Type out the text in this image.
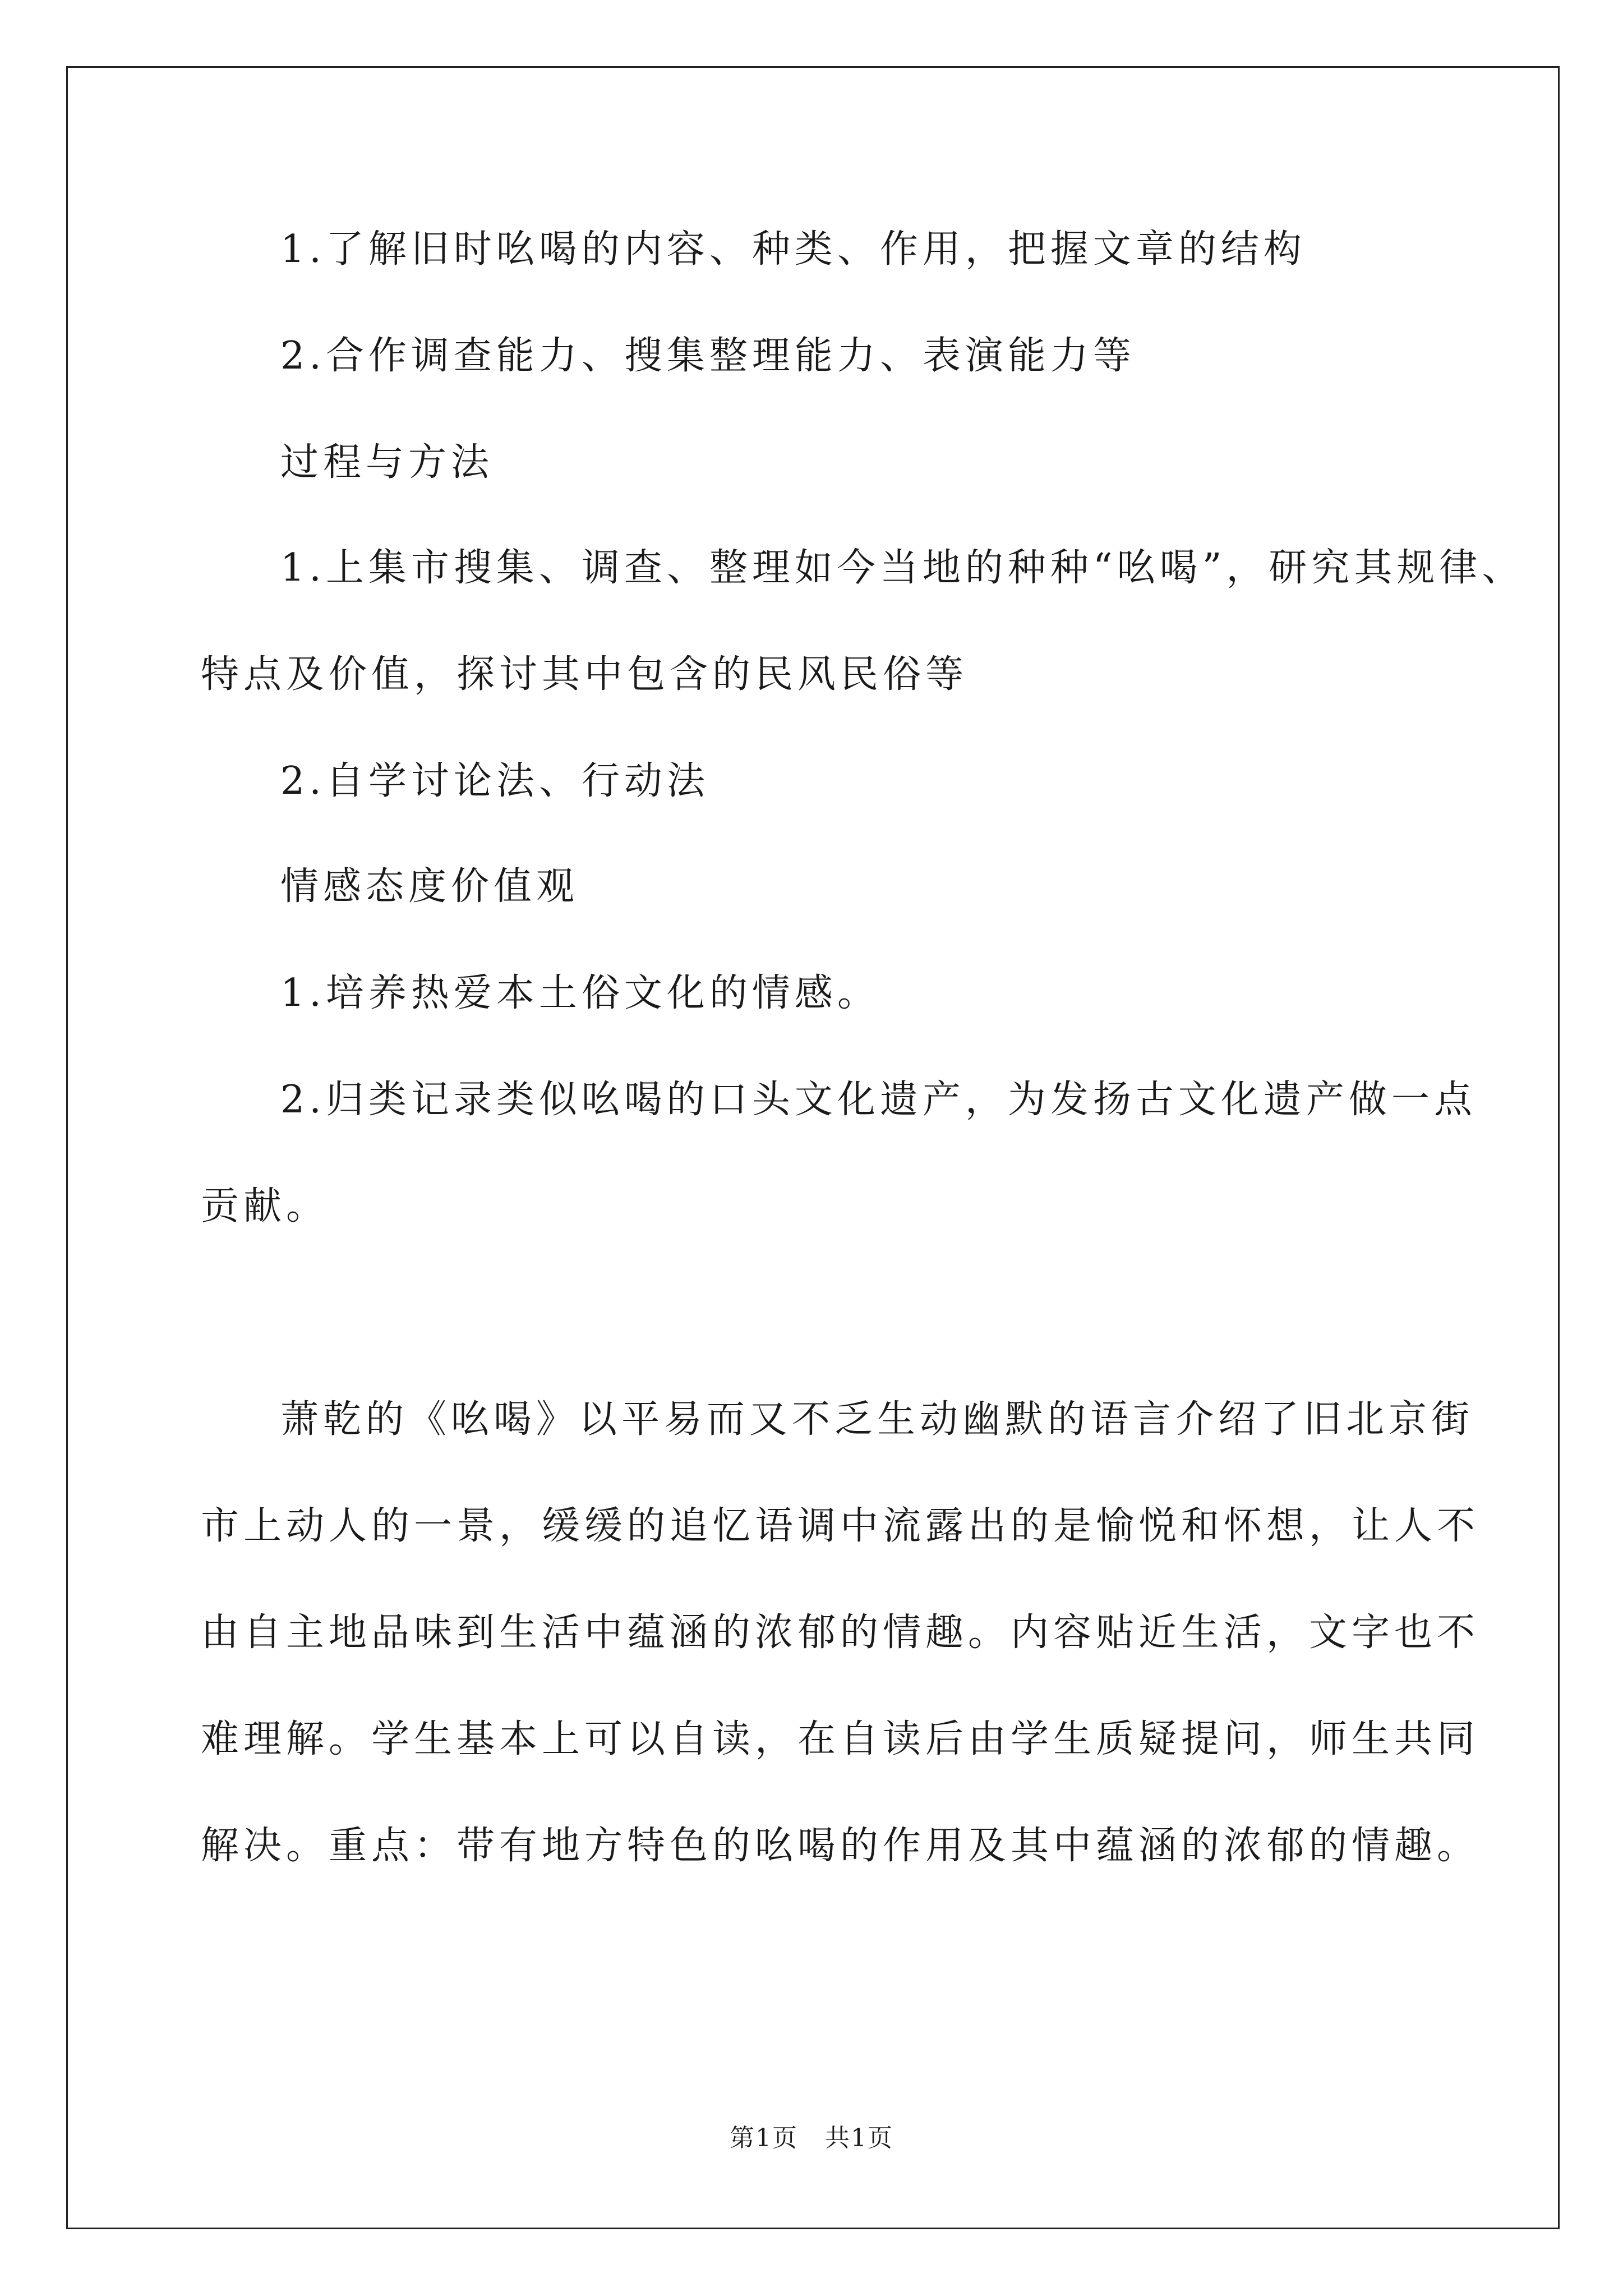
1.了解旧时吆喝的内容、种类、作用，把握文章的结构
2.合作调查能力、搜集整理能力、表演能力等
过程与方法
1.上集市搜集、调查、整理如今当地的种种“吆喝”，研究其规律、
特点及价值，探讨其中包含的民风民俗等
2.自学讨论法、行动法
情感态度价值观
1.培养热爱本土俗文化的情感。
2.归类记录类似吆喝的口头文化遗产，为发扬古文化遗产做一点
贡献。
萧乾的《吆喝》以平易而又不乏生动幽默的语言介绍了旧北京街
市上动人的一景，缓缓的追忆语调中流露出的是愉悦和怀想，让人不
由自主地品味到生活中蕴涵的浓郁的情趣。内容贴近生活，文字也不
难理解。学生基本上可以自读，在自读后由学生质疑提问，师生共同
解决。重点：带有地方特色的吆喝的作用及其中蕴涵的浓郁的情趣。
第1页   共1页
